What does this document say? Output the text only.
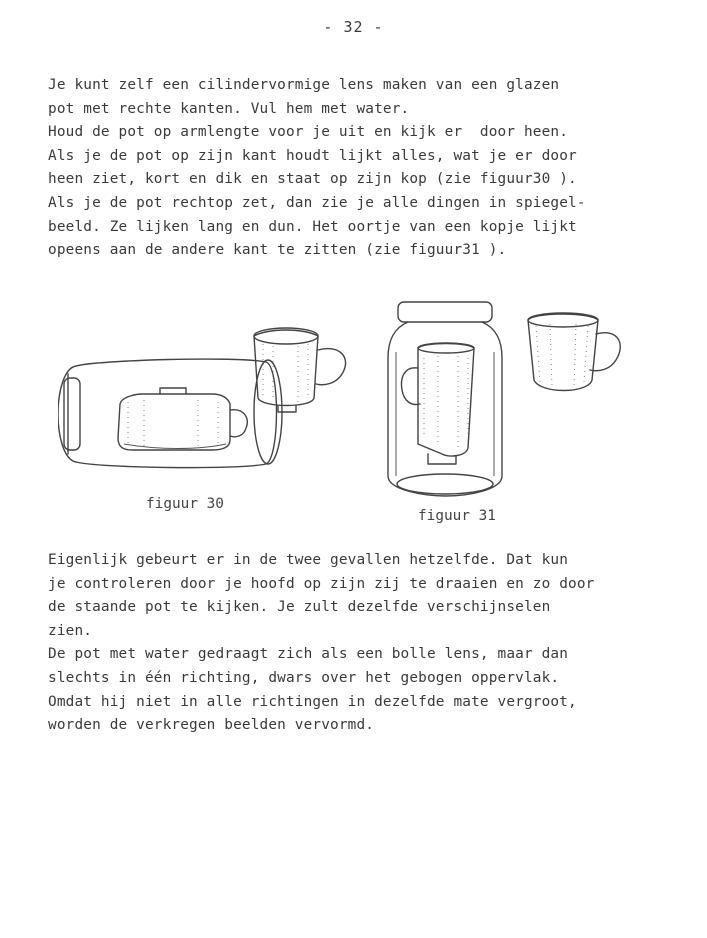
- 32 -
Je kunt zelf een cilindervormige lens maken van een glazen
pot met rechte kanten. Vul hem met water.
Houd de pot op armlengte voor je uit en kijk er  door heen.
Als je de pot op zijn kant houdt lijkt alles, wat je er door
heen ziet, kort en dik en staat op zijn kop (zie figuur30 ).
Als je de pot rechtop zet, dan zie je alle dingen in spiegel-
beeld. Ze lijken lang en dun. Het oortje van een kopje lijkt
opeens aan de andere kant te zitten (zie figuur31 ).
figuur 30
figuur 31
Eigenlijk gebeurt er in de twee gevallen hetzelfde. Dat kun
je controleren door je hoofd op zijn zij te draaien en zo door
de staande pot te kijken. Je zult dezelfde verschijnselen
zien.
De pot met water gedraagt zich als een bolle lens, maar dan
slechts in één richting, dwars over het gebogen oppervlak.
Omdat hij niet in alle richtingen in dezelfde mate vergroot,
worden de verkregen beelden vervormd.
